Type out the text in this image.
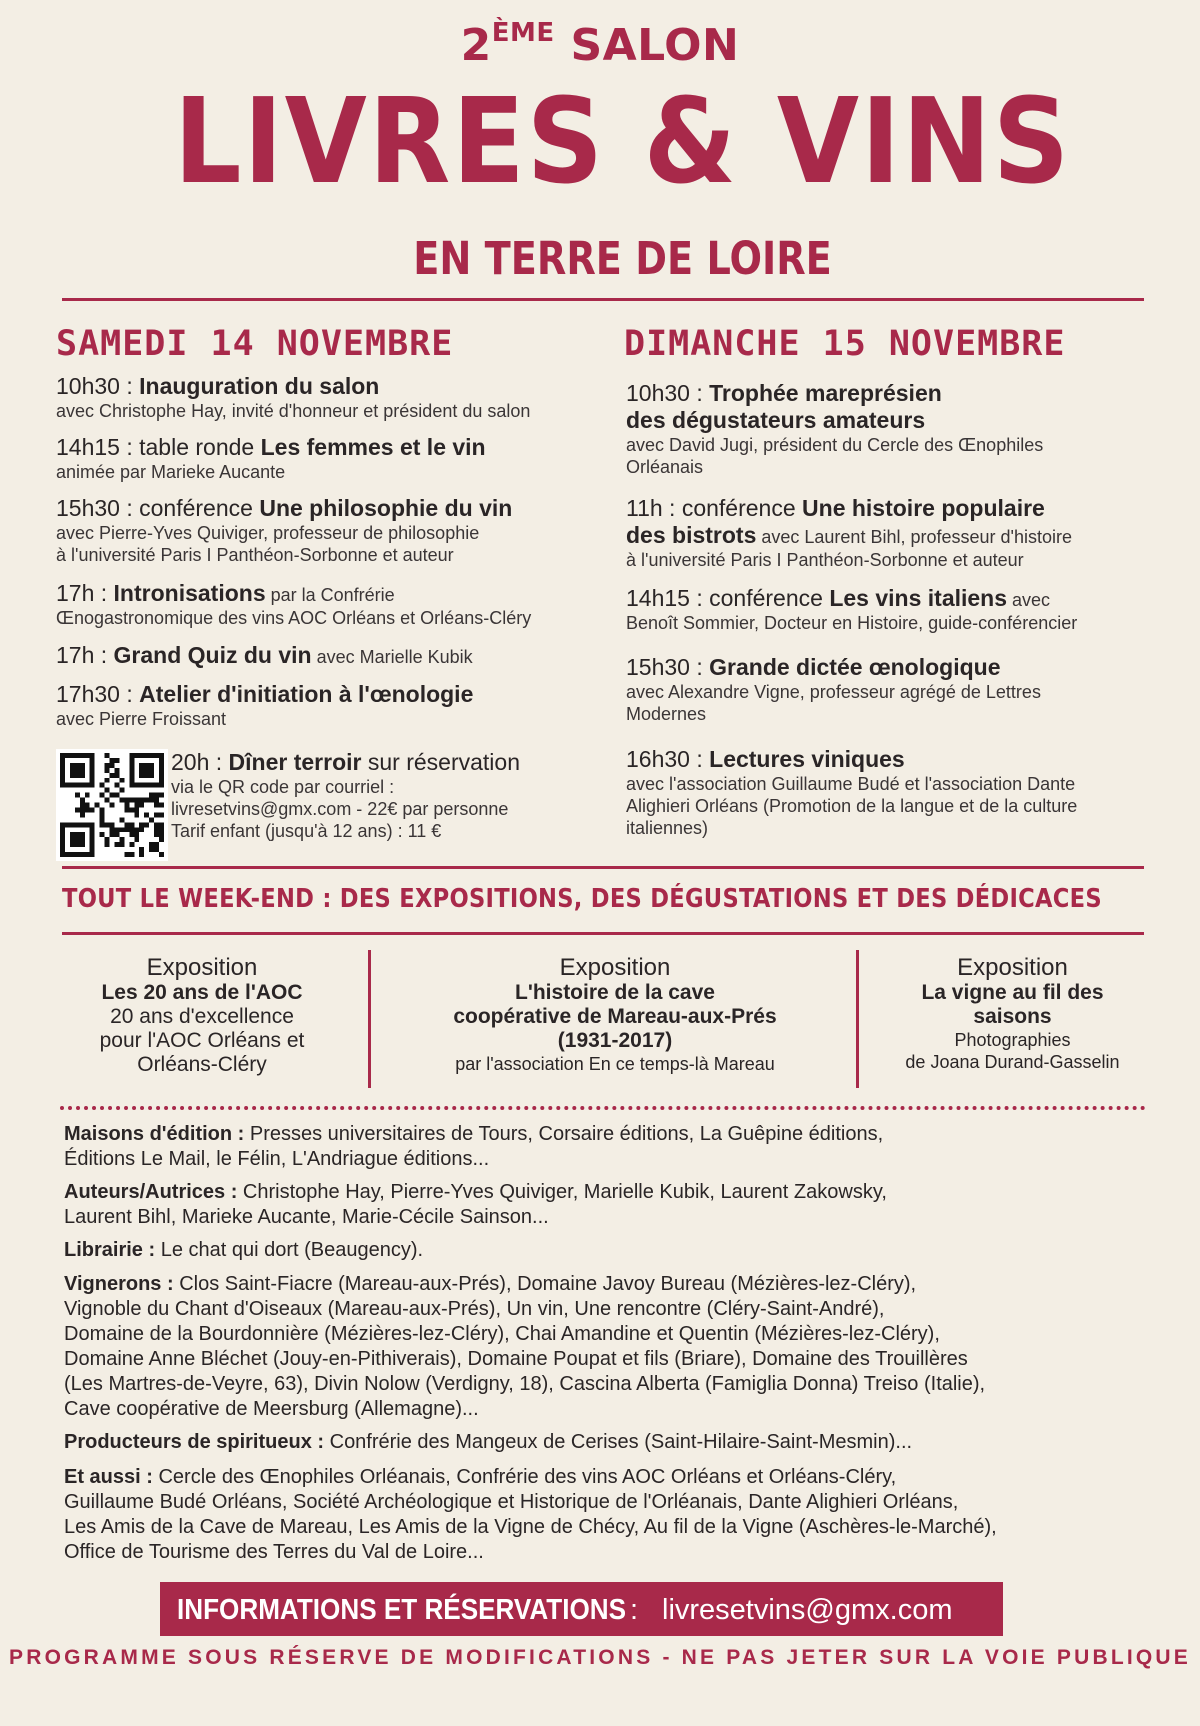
2ÈME SALON
LIVRES & VINS
EN TERRE DE LOIRE
SAMEDI 14 NOVEMBRE
10h30 : Inauguration du salon
avec Christophe Hay, invité d'honneur et président du salon
14h15 : table ronde Les femmes et le vin
animée par Marieke Aucante
15h30 : conférence Une philosophie du vin
avec Pierre-Yves Quiviger, professeur de philosophie
à l'université Paris I Panthéon-Sorbonne et auteur
17h : Intronisations par la Confrérie
Œnogastronomique des vins AOC Orléans et Orléans-Cléry
17h : Grand Quiz du vin avec Marielle Kubik
17h30 : Atelier d'initiation à l'œnologie
avec Pierre Froissant
20h : Dîner terroir sur réservation
via le QR code par courriel :
livresetvins@gmx.com - 22€ par personne
Tarif enfant (jusqu'à 12 ans) : 11 €
DIMANCHE 15 NOVEMBRE
10h30 : Trophée mareprésien
des dégustateurs amateurs
avec David Jugi, président du Cercle des Œnophiles
Orléanais
11h : conférence Une histoire populaire
des bistrots avec Laurent Bihl, professeur d'histoire
à l'université Paris I Panthéon-Sorbonne et auteur
14h15 : conférence Les vins italiens avec
Benoît Sommier, Docteur en Histoire, guide-conférencier
15h30 : Grande dictée œnologique
avec Alexandre Vigne, professeur agrégé de Lettres
Modernes
16h30 : Lectures viniques
avec l'association Guillaume Budé et l'association Dante
Alighieri Orléans (Promotion de la langue et de la culture
italiennes)
TOUT LE WEEK-END : DES EXPOSITIONS, DES DÉGUSTATIONS ET DES DÉDICACES
Exposition
Les 20 ans de l'AOC
20 ans d'excellence
pour l'AOC Orléans et
Orléans-Cléry
Exposition
L'histoire de la cave
coopérative de Mareau-aux-Prés
(1931-2017)
par l'association En ce temps-là Mareau
Exposition
La vigne au fil des
saisons
Photographies
de Joana Durand-Gasselin
Maisons d'édition : Presses universitaires de Tours, Corsaire éditions, La Guêpine éditions,
Éditions Le Mail, le Félin, L'Andriague éditions...
Auteurs/Autrices : Christophe Hay, Pierre-Yves Quiviger, Marielle Kubik, Laurent Zakowsky,
Laurent Bihl, Marieke Aucante, Marie-Cécile Sainson...
Librairie : Le chat qui dort (Beaugency).
Vignerons : Clos Saint-Fiacre (Mareau-aux-Prés), Domaine Javoy Bureau (Mézières-lez-Cléry),
Vignoble du Chant d'Oiseaux (Mareau-aux-Prés), Un vin, Une rencontre (Cléry-Saint-André),
Domaine de la Bourdonnière (Mézières-lez-Cléry), Chai Amandine et Quentin (Mézières-lez-Cléry),
Domaine Anne Bléchet (Jouy-en-Pithiverais), Domaine Poupat et fils (Briare), Domaine des Trouillères
(Les Martres-de-Veyre, 63), Divin Nolow (Verdigny, 18), Cascina Alberta (Famiglia Donna) Treiso (Italie),
Cave coopérative de Meersburg (Allemagne)...
Producteurs de spiritueux : Confrérie des Mangeux de Cerises (Saint-Hilaire-Saint-Mesmin)...
Et aussi : Cercle des Œnophiles Orléanais, Confrérie des vins AOC Orléans et Orléans-Cléry,
Guillaume Budé Orléans, Société Archéologique et Historique de l'Orléanais, Dante Alighieri Orléans,
Les Amis de la Cave de Mareau, Les Amis de la Vigne de Chécy, Au fil de la Vigne (Aschères-le-Marché),
Office de Tourisme des Terres du Val de Loire...
INFORMATIONS ET RÉSERVATIONS : livresetvins@gmx.com
PROGRAMME SOUS RÉSERVE DE MODIFICATIONS - NE PAS JETER SUR LA VOIE PUBLIQUE
